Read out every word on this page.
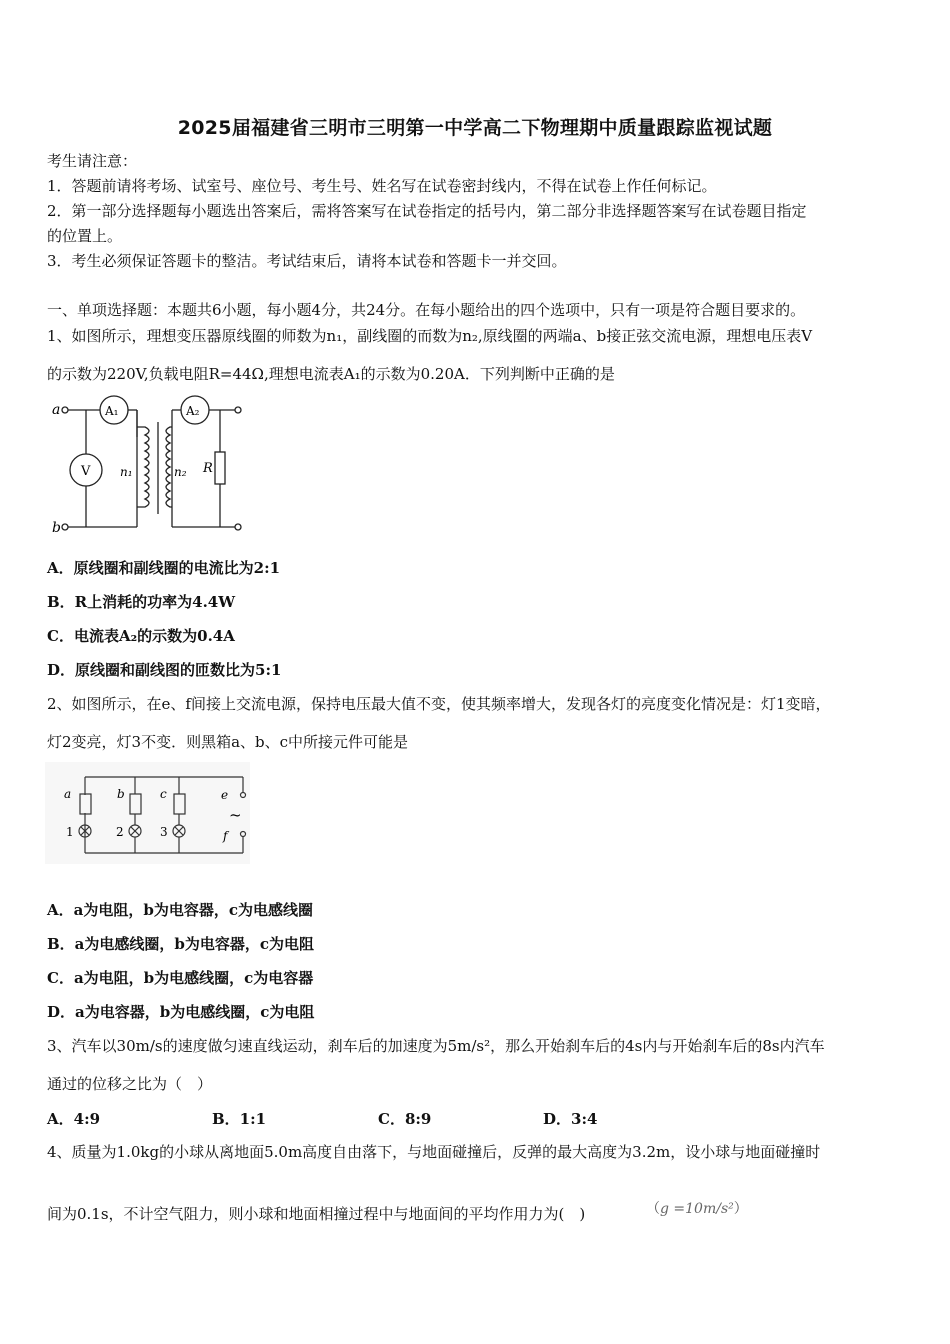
2025届福建省三明市三明第一中学高二下物理期中质量跟踪监视试题
考生请注意：
1．答题前请将考场、试室号、座位号、考生号、姓名写在试卷密封线内，不得在试卷上作任何标记。
2．第一部分选择题每小题选出答案后，需将答案写在试卷指定的括号内，第二部分非选择题答案写在试卷题目指定
的位置上。
3．考生必须保证答题卡的整洁。考试结束后，请将本试卷和答题卡一并交回。
一、单项选择题：本题共6小题，每小题4分，共24分。在每小题给出的四个选项中，只有一项是符合题目要求的。
1、如图所示，理想变压器原线圈的师数为n₁，副线圈的而数为n₂,原线圈的两端a、b接正弦交流电源，理想电压表V
的示数为220V,负载电阻R=44Ω,理想电流表A₁的示数为0.20A．下列判断中正确的是
a
b
A₁	A₂
V n₁	n₂ R
A．原线圈和副线圈的电流比为2:1
B．R上消耗的功率为4.4W
C．电流表A₂的示数为0.4A
D．原线圈和副线图的匝数比为5:1
2、如图所示，在e、f间接上交流电源，保持电压最大值不变，使其频率增大，发现各灯的亮度变化情况是：灯1变暗，
灯2变亮，灯3不变．则黑箱a、b、c中所接元件可能是
a	b	c
1	2	3
e
f
~
A．a为电阻，b为电容器，c为电感线圈
B．a为电感线圈，b为电容器，c为电阻
C．a为电阻，b为电感线圈，c为电容器
D．a为电容器，b为电感线圈，c为电阻
3、汽车以30m/s的速度做匀速直线运动，刹车后的加速度为5m/s²，那么开始刹车后的4s内与开始刹车后的8s内汽车
通过的位移之比为（　）
A．4:9	B．1:1	C．8:9	D．3:4
4、质量为1.0kg的小球从离地面5.0m高度自由落下，与地面碰撞后，反弹的最大高度为3.2m，设小球与地面碰撞时
间为0.1s，不计空气阻力，则小球和地面相撞过程中与地面间的平均作用力为(　)	（g =10m/s²）
